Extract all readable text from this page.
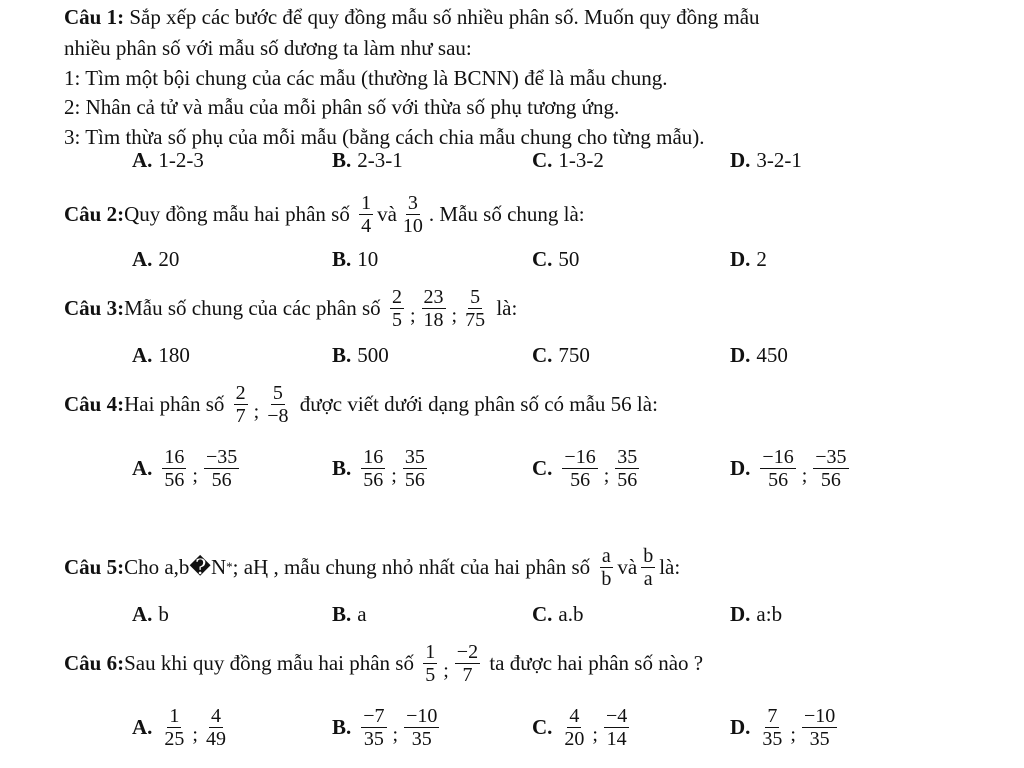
Câu 1: Sắp xếp các bước để quy đồng mẫu số nhiều phân số. Muốn quy đồng mẫu
nhiều phân số với mẫu số dương ta làm như sau:
1: Tìm một bội chung của các mẫu (thường là BCNN) để là mẫu chung.
2: Nhân cả tử và mẫu của mỗi phân số với thừa số phụ tương ứng.
3: Tìm thừa số phụ của mỗi mẫu (bằng cách chia mẫu chung cho từng mẫu).
A. 1-2-3	B. 2-3-1	C. 1-3-2	D. 3-2-1
Câu 2: Quy đồng mẫu hai phân số
$\frac{1}{4}$ và $\frac{3}{10}$ . Mẫu số chung là:
A. 20	B. 10	C. 50	D. 2
Câu 3: Mẫu số chung của các phân số
$\frac{2}{5}$ ; $\frac{23}{18}$ ; $\frac{5}{75}$
là:
A. 180	B. 500	C. 750	D. 450
Câu 4: Hai phân số
$\frac{2}{7}$ ; $\frac{5}{-8}$
được viết dưới dạng phân số có mẫu 56 là:
A. $\frac{16}{56}$ ; $\frac{-35}{56}$	B. $\frac{16}{56}$ ; $\frac{35}{56}$	C. $\frac{-16}{56}$ ; $\frac{35}{56}$	D. $\frac{-16}{56}$ ; $\frac{-35}{56}$
Câu 5: Cho a,b�N * ; aҢ , mẫu chung nhỏ nhất của hai phân số
$\frac{a}{b}$ và $\frac{b}{a}$ là:
A. b	B. a	C. a.b	D. a:b
Câu 6: Sau khi quy đồng mẫu hai phân số
$\frac{1}{5}$ ; $\frac{-2}{7}$
ta được hai phân số nào ?
A. $\frac{1}{25}$ ; $\frac{4}{49}$	B. $\frac{-7}{35}$ ; $\frac{-10}{35}$	C. $\frac{4}{20}$ ; $\frac{-4}{14}$	D. $\frac{7}{35}$ ; $\frac{-10}{35}$
